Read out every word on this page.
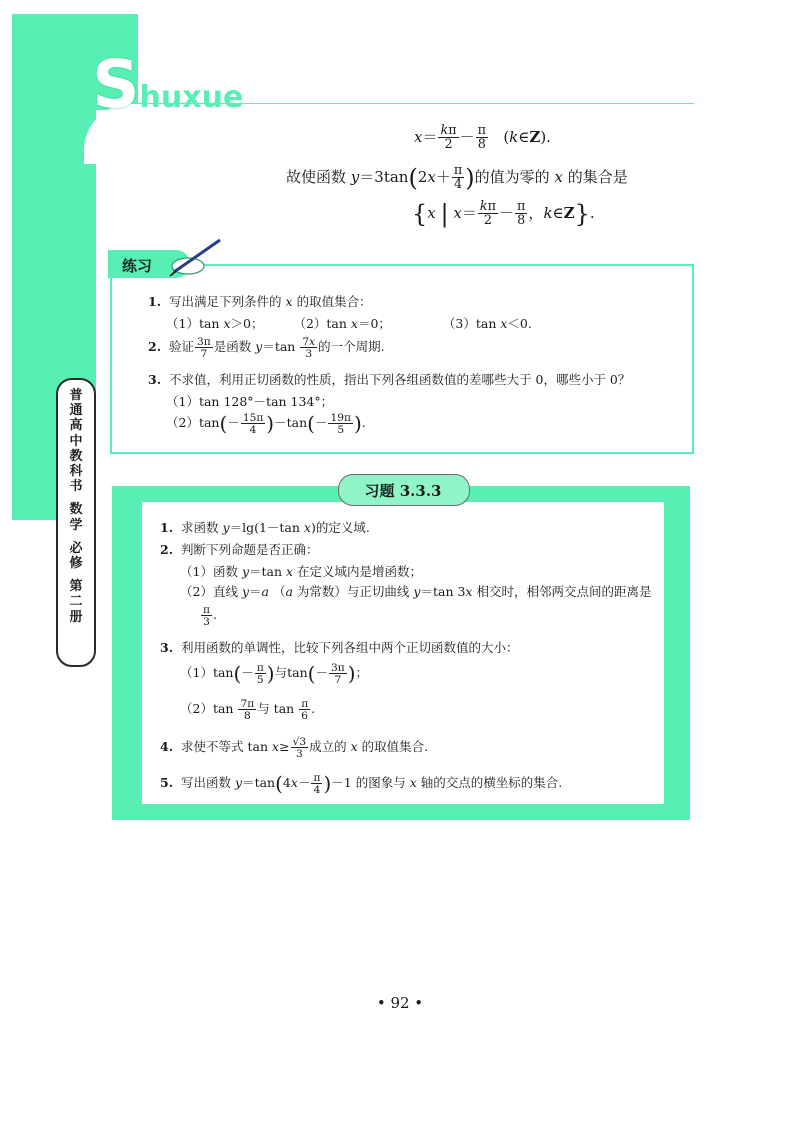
Shuxue
普
通
高
中
教
科
书

数
学

必
修

第
二
册
$x= \frac{k\pi}{2} - \frac{\pi}{8}$ (k∈Z).
故使函数 $y=3\tan(2x+ \frac{\pi}{4}$ )的值为零的 x 的集合是
{x | $x= \frac{k\pi}{2} - \frac{\pi}{8}$ ，k∈Z}.
练习
1. 写出满足下列条件的 x 的取值集合：
（1）tan x＞0； （2）tan x＝0；	（3）tan x＜0.
2. 验证 $\frac{3\pi}{7}$ 是函数 $y=\tan \frac{7x}{3}$ 的一个周期.
3. 不求值，利用正切函数的性质，指出下列各组函数值的差哪些大于 0，哪些小于 0？
（1）tan 128°－tan 134°；
$(2)\tan(- \frac{15\pi}{4} )-\tan(- \frac{19\pi}{5}$ ).
习题 3.3.3
1. 求函数 y＝lg(1－tan x)的定义域.
2. 判断下列命题是否正确：
（1）函数 y＝tan x 在定义域内是增函数；
（2）直线 y＝a （a 为常数）与正切曲线 y＝tan 3x 相交时，相邻两交点间的距离是
$\frac{\pi}{3}$ .
3. 利用函数的单调性，比较下列各组中两个正切函数值的大小：
$(1)\tan(- \frac{\pi}{5}$ )与$\tan(- \frac{3\pi}{7}$ )；
$(2)\tan \frac{7\pi}{8}$ 与 $\tan \frac{\pi}{6}$ .
4. 求使不等式 $\tan x\ge \frac{√3}{3}$ 成立的 x 的取值集合.
5. 写出函数 $y=\tan(4x- \frac{\pi}{4} )-1$ 的图象与 x 轴的交点的横坐标的集合.
• 92 •
